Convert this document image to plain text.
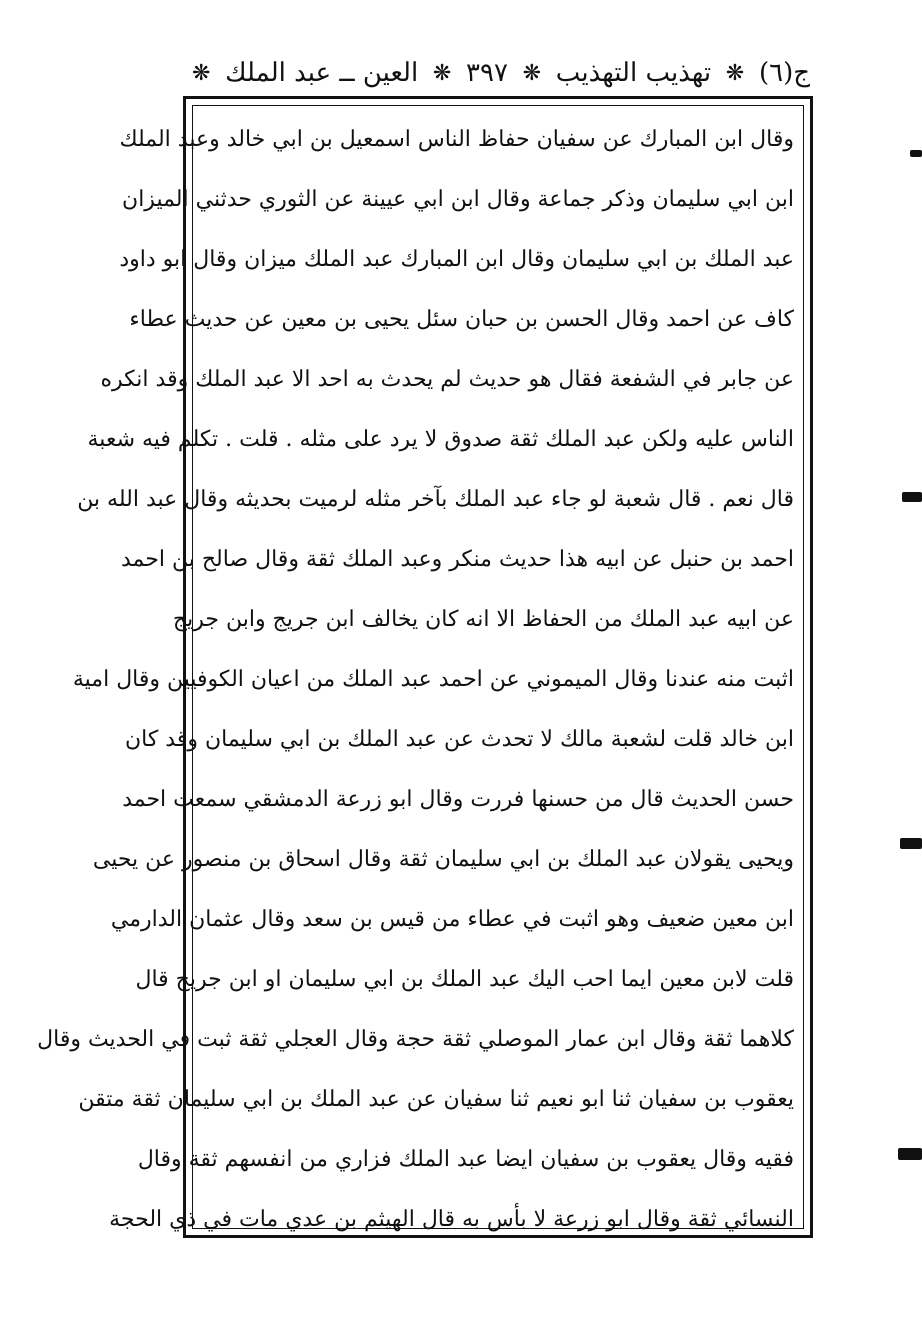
ج(٦)
❋
تهذيب التهذيب
❋
٣٩٧
❋
العين ــ عبد الملك
❋
وقال ابن المبارك عن سفيان حفاظ الناس اسمعيل بن ابي خالد وعبد الملك
ابن ابي سليمان وذكر جماعة وقال ابن ابي عيينة عن الثوري حدثني الميزان
عبد الملك بن ابي سليمان وقال ابن المبارك عبد الملك ميزان وقال ابو داود
كاف عن احمد وقال الحسن بن حبان سئل يحيى بن معين عن حديث عطاء
عن جابر في الشفعة فقال هو حديث لم يحدث به احد الا عبد الملك وقد انكره
الناس عليه ولكن عبد الملك ثقة صدوق لا يرد على مثله . قلت . تكلم فيه شعبة
قال نعم . قال شعبة لو جاء عبد الملك بآخر مثله لرميت بحديثه وقال عبد الله بن
احمد بن حنبل عن ابيه هذا حديث منكر وعبد الملك ثقة وقال صالح بن احمد
عن ابيه عبد الملك من الحفاظ الا انه كان يخالف ابن جريج وابن جريج
اثبت منه عندنا وقال الميموني عن احمد عبد الملك من اعيان الكوفيين وقال امية
ابن خالد قلت لشعبة مالك لا تحدث عن عبد الملك بن ابي سليمان وقد كان
حسن الحديث قال من حسنها فررت وقال ابو زرعة الدمشقي سمعت احمد
ويحيى يقولان عبد الملك بن ابي سليمان ثقة وقال اسحاق بن منصور عن يحيى
ابن معين ضعيف وهو اثبت في عطاء من قيس بن سعد وقال عثمان الدارمي
قلت لابن معين ايما احب اليك عبد الملك بن ابي سليمان او ابن جريج قال
كلاهما ثقة وقال ابن عمار الموصلي ثقة حجة وقال العجلي ثقة ثبت في الحديث وقال
يعقوب بن سفيان ثنا ابو نعيم ثنا سفيان عن عبد الملك بن ابي سليمان ثقة متقن
فقيه وقال يعقوب بن سفيان ايضا عبد الملك فزاري من انفسهم ثقة وقال
النسائي ثقة وقال ابو زرعة لا بأس به قال الهيثم بن عدي مات في ذي الحجة
